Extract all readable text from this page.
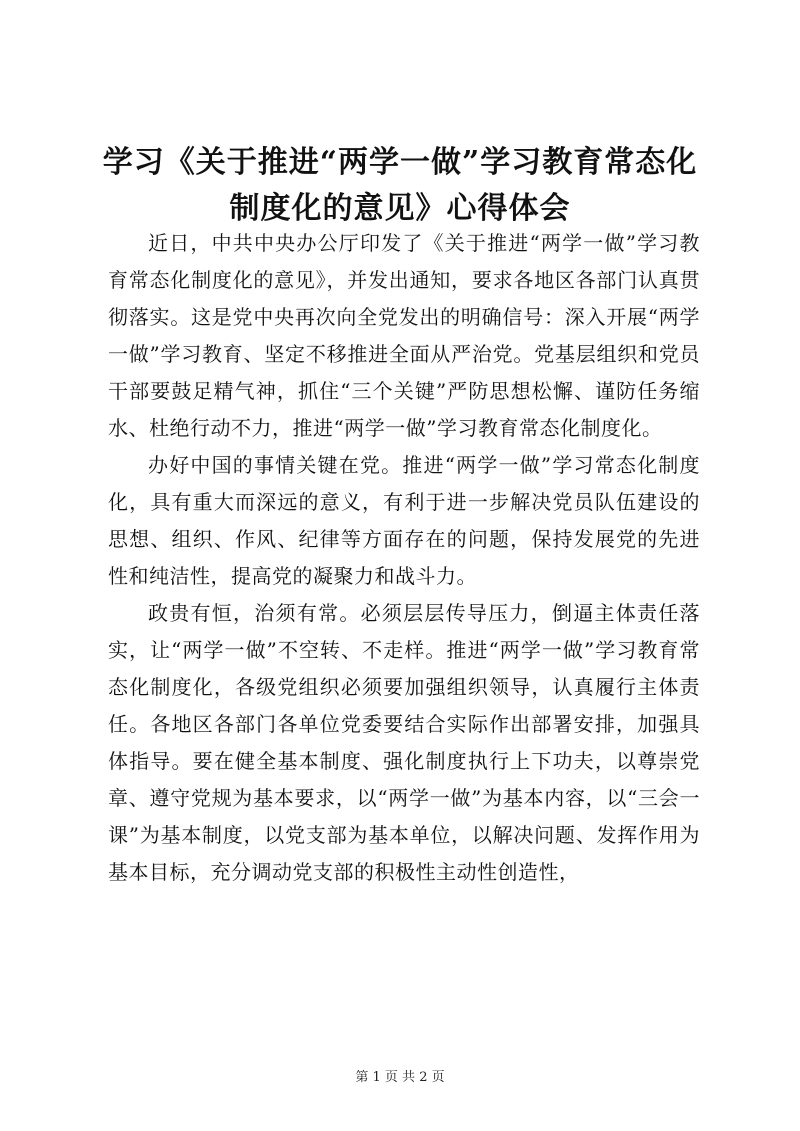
学习《关于推进“两学一做”学习教育常态化
制度化的意见》心得体会

近日，中共中央办公厅印发了《关于推进“两学一做”学习教育常态化制度化的意见》，并发出通知，要求各地区各部门认真贯彻落实。这是党中央再次向全党发出的明确信号：深入开展“两学一做”学习教育、坚定不移推进全面从严治党。党基层组织和党员干部要鼓足精气神，抓住“三个关键”严防思想松懈、谨防任务缩水、杜绝行动不力，推进“两学一做”学习教育常态化制度化。

办好中国的事情关键在党。推进“两学一做”学习常态化制度化，具有重大而深远的意义，有利于进一步解决党员队伍建设的思想、组织、作风、纪律等方面存在的问题，保持发展党的先进性和纯洁性，提高党的凝聚力和战斗力。

政贵有恒，治须有常。必须层层传导压力，倒逼主体责任落实，让“两学一做”不空转、不走样。推进“两学一做”学习教育常态化制度化，各级党组织必须要加强组织领导，认真履行主体责任。各地区各部门各单位党委要结合实际作出部署安排，加强具体指导。要在健全基本制度、强化制度执行上下功夫，以尊崇党章、遵守党规为基本要求，以“两学一做”为基本内容，以“三会一课”为基本制度，以党支部为基本单位，以解决问题、发挥作用为基本目标，充分调动党支部的积极性主动性创造性，

第 1 页 共 2 页
